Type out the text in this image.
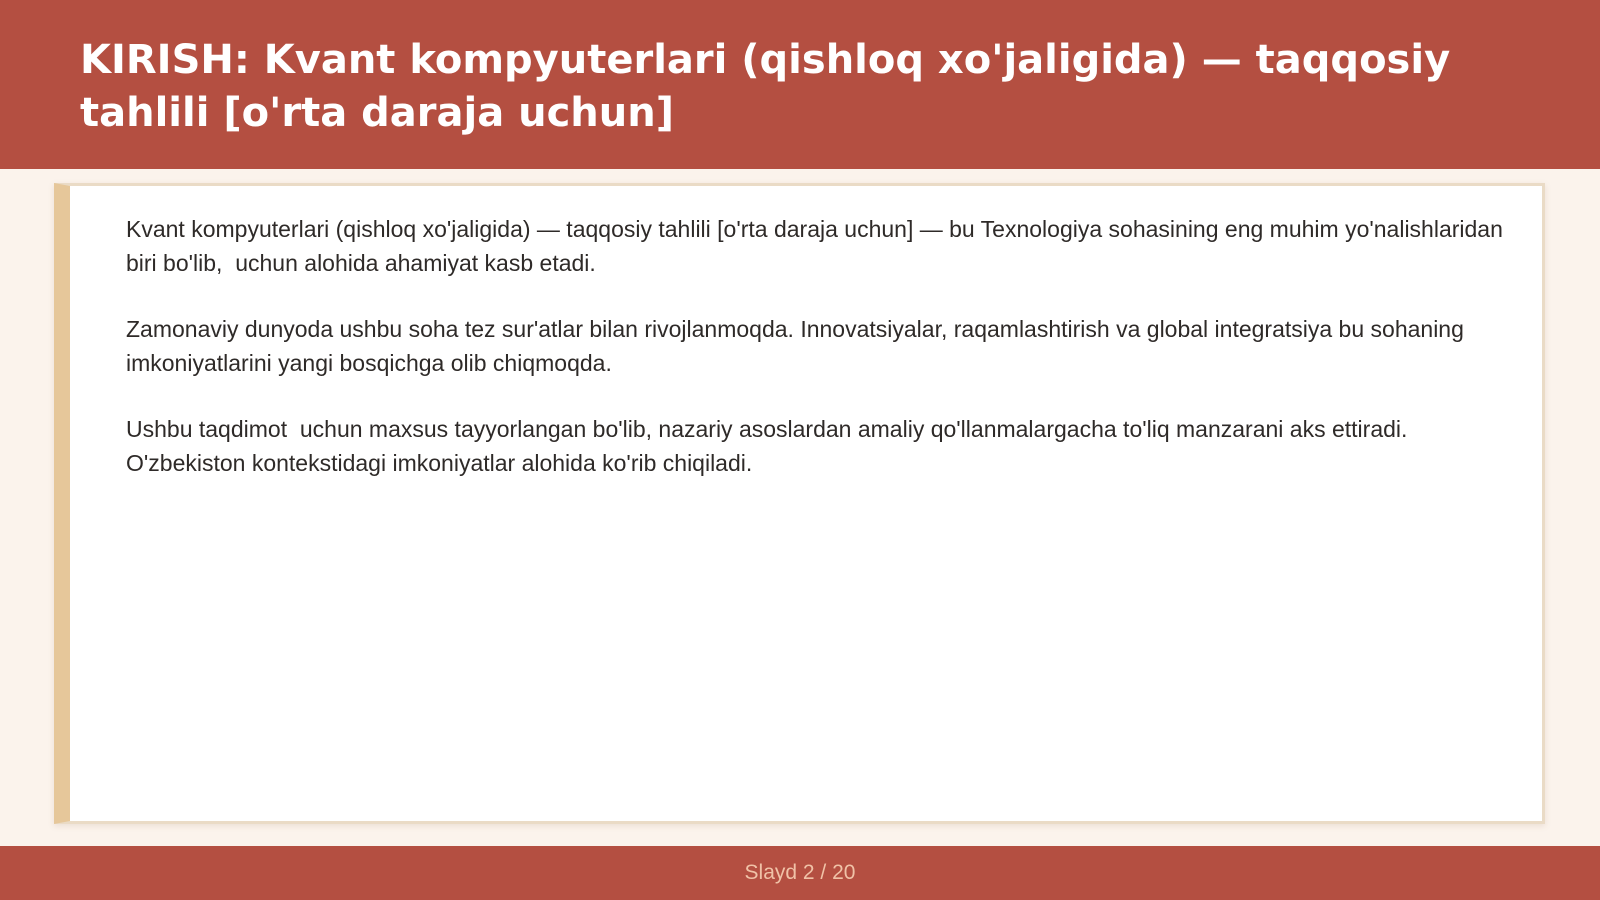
KIRISH: Kvant kompyuterlari (qishloq xo'jaligida) — taqqosiy tahlili [o'rta daraja uchun]

Kvant kompyuterlari (qishloq xo'jaligida) — taqqosiy tahlili [o'rta daraja uchun] — bu Texnologiya sohasining eng muhim yo'nalishlaridan biri bo'lib,  uchun alohida ahamiyat kasb etadi.

Zamonaviy dunyoda ushbu soha tez sur'atlar bilan rivojlanmoqda. Innovatsiyalar, raqamlashtirish va global integratsiya bu sohaning imkoniyatlarini yangi bosqichga olib chiqmoqda.

Ushbu taqdimot  uchun maxsus tayyorlangan bo'lib, nazariy asoslardan amaliy qo'llanmalargacha to'liq manzarani aks ettiradi. O'zbekiston kontekstidagi imkoniyatlar alohida ko'rib chiqiladi.

Slayd 2 / 20
